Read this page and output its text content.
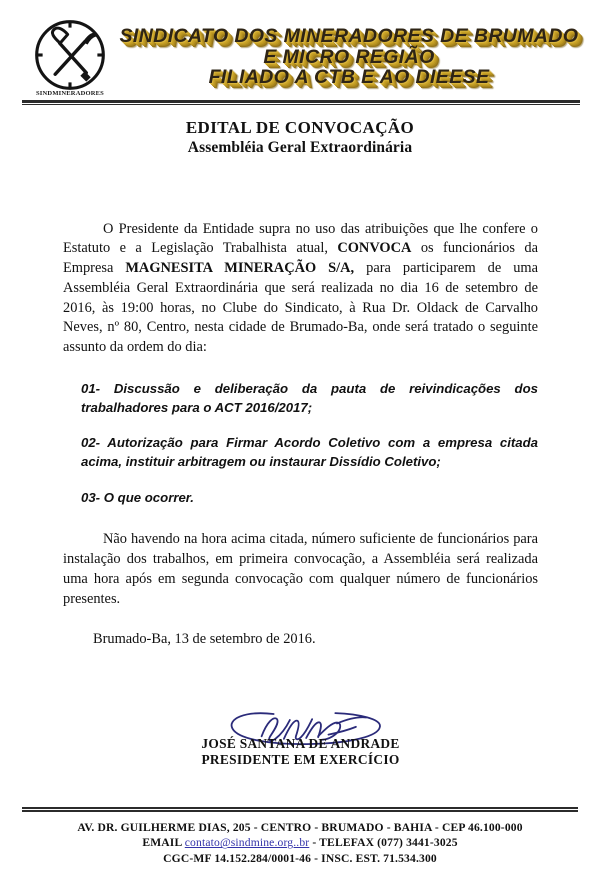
SINDMINERADORES
SINDICATO DOS MINERADORES DE BRUMADO
E MICRO REGIÃO
FILIADO A CTB E AO DIEESE
EDITAL DE CONVOCAÇÃO
Assembléia Geral Extraordinária

O Presidente da Entidade supra no uso das atribuições que lhe confere o Estatuto e a Legislação Trabalhista atual, CONVOCA os funcionários da Empresa MAGNESITA MINERAÇÃO S/A, para participarem de uma Assembléia Geral Extraordinária que será realizada no dia 16 de setembro de 2016, às 19:00 horas, no Clube do Sindicato, à Rua Dr. Oldack de Carvalho Neves, nº 80, Centro, nesta cidade de Brumado-Ba, onde será tratado o seguinte assunto da ordem do dia:

01- Discussão e deliberação da pauta de reivindicações dos trabalhadores para o ACT 2016/2017;

02- Autorização para Firmar Acordo Coletivo com a empresa citada acima, instituir arbitragem ou instaurar Dissídio Coletivo;

03- O que ocorrer.

Não havendo na hora acima citada, número suficiente de funcionários para instalação dos trabalhos, em primeira convocação, a Assembléia será realizada uma hora após em segunda convocação com qualquer número de funcionários presentes.

Brumado-Ba, 13 de setembro de 2016.

JOSÉ SANTANA DE ANDRADE
PRESIDENTE EM EXERCÍCIO
AV. DR. GUILHERME DIAS, 205 - CENTRO - BRUMADO - BAHIA - CEP 46.100-000
EMAIL contato@sindmine.org..br - TELEFAX (077) 3441-3025
CGC-MF 14.152.284/0001-46 - INSC. EST. 71.534.300
